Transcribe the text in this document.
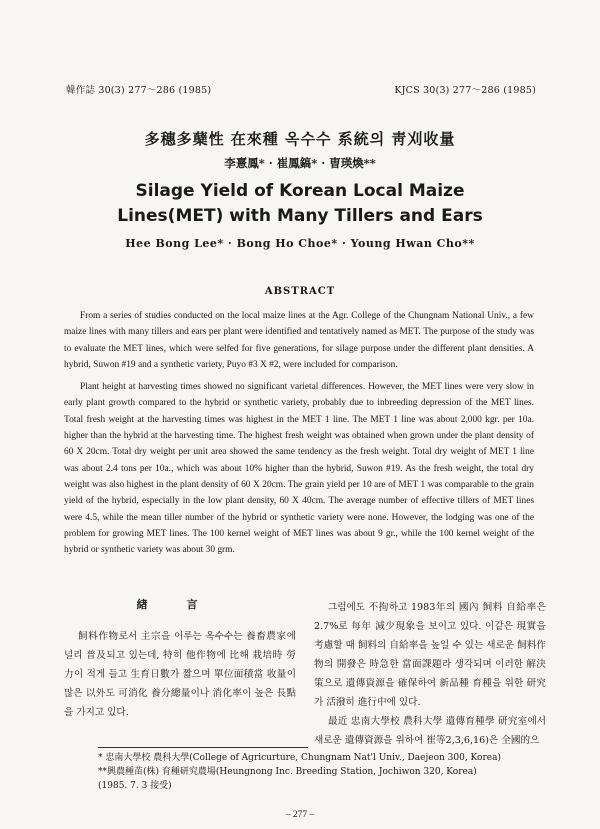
韓作誌 30(3) 277～286 (1985)	KJCS 30(3) 277～286 (1985)
多穗多蘖性 在來種 옥수수 系統의 靑刈收量
李憙鳳* · 崔鳳鎬* · 曺瑛煥**
Silage Yield of Korean Local Maize
Lines(MET) with Many Tillers and Ears
Hee Bong Lee* · Bong Ho Choe* · Young Hwan Cho**
ABSTRACT

From a series of studies conducted on the local maize lines at the Agr. College of the Chungnam National Univ., a few maize lines with many tillers and ears per plant were identified and tentatively named as MET. The purpose of the study was to evaluate the MET lines, which were selfed for five generations, for silage purpose under the different plant densities. A hybrid, Suwon #19 and a synthetic variety, Puyo #3 X #2, were included for comparison.

Plant height at harvesting times showed no significant varietal differences. However, the MET lines were very slow in early plant growth compared to the hybrid or synthetic variety, probably due to inbreeding depression of the MET lines. Total fresh weight at the harvesting times was highest in the MET 1 line. The MET 1 line was about 2,000 kgr. per 10a. higher than the hybrid at the harvesting time. The highest fresh weight was obtained when grown under the plant density of 60 X 20cm. Total dry weight per unit area showed the same tendency as the fresh weight. Total dry weight of MET 1 line was about 2.4 tons per 10a., which was about 10% higher than the hybrid, Suwon #19. As the fresh weight, the total dry weight was also highest in the plant density of 60 X 20cm. The grain yield per 10 are of MET 1 was comparable to the grain yield of the hybrid, especially in the low plant density, 60 X 40cm. The average number of effective tillers of MET lines were 4.5, while the mean tiller number of the hybrid or synthetic variety were none. However, the lodging was one of the problem for growing MET lines. The 100 kernel weight of MET lines was about 9 gr., while the 100 kernel weight of the hybrid or synthetic variety was about 30 grm.

緖　言

飼料作物로서 主宗을 이루는 옥수수는 養畜農家에 널리 普及되고 있는데, 特히 他作物에 比해 栽培時 勞力이 적게 들고 生育日數가 짧으며 單位面積當 收量이 많은 以外도 可消化 養分總量이나 消化率이 높은 長點을 가지고 있다.

그럼에도 不拘하고 1983年의 國內 飼料 自給率은 2.7%로 每年 減少現象을 보이고 있다. 이같은 現實을 考慮할 때 飼料의 自給率을 높일 수 있는 새로운 飼料作物의 開發은 時急한 當面課題라 생각되며 이러한 解決策으로 遺傳資源을 確保하여 新品種 育種을 위한 研究가 活潑히 進行中에 있다.

最近 忠南大學校 農科大學 遺傳育種學 研究室에서 새로운 遺傳資源을 위하여 崔等2,3,6,16)은 全國的으

* 忠南大學校 農科大學(College of Agricurture, Chungnam Nat'l Univ., Daejeon 300, Korea)
**興農種苗(株) 育種研究農場(Heungnong Inc. Breeding Station, Jochiwon 320, Korea)
(1985. 7. 3 接受)
– 277 –
